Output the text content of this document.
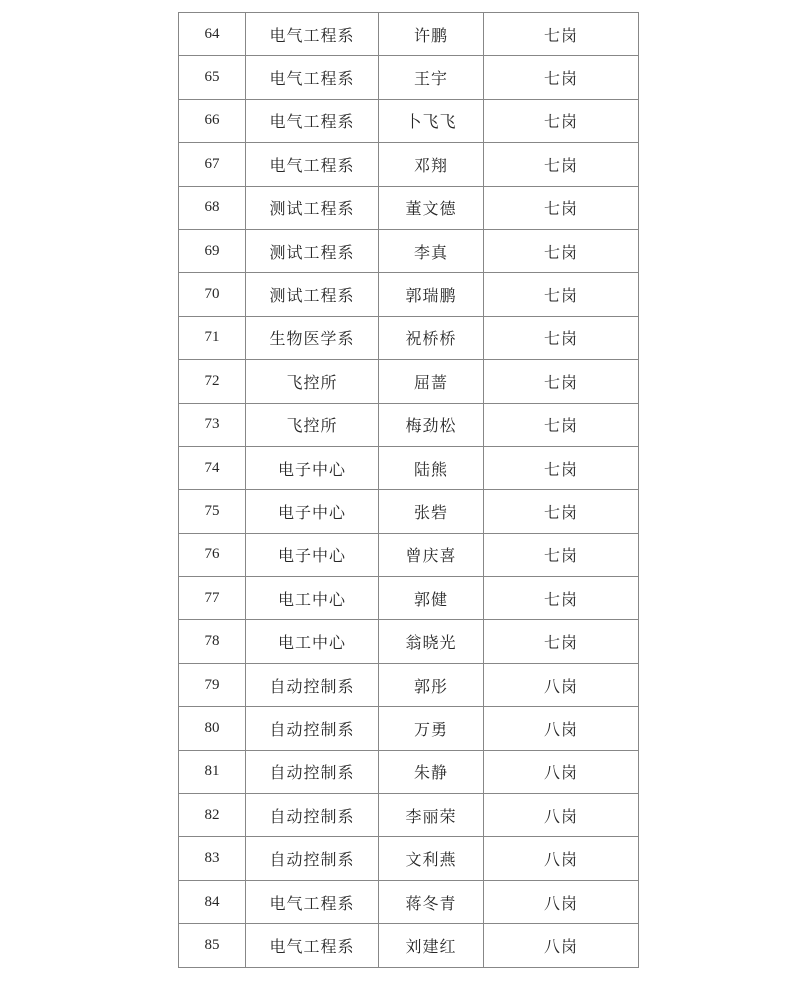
64	电气工程系	许鹏	七岗
65	电气工程系	王宇	七岗
66	电气工程系	卜飞飞	七岗
67	电气工程系	邓翔	七岗
68	测试工程系	董文德	七岗
69	测试工程系	李真	七岗
70	测试工程系	郭瑞鹏	七岗
71	生物医学系	祝桥桥	七岗
72	飞控所	屈蔷	七岗
73	飞控所	梅劲松	七岗
74	电子中心	陆熊	七岗
75	电子中心	张砦	七岗
76	电子中心	曾庆喜	七岗
77	电工中心	郭健	七岗
78	电工中心	翁晓光	七岗
79	自动控制系	郭彤	八岗
80	自动控制系	万勇	八岗
81	自动控制系	朱静	八岗
82	自动控制系	李丽荣	八岗
83	自动控制系	文利燕	八岗
84	电气工程系	蒋冬青	八岗
85	电气工程系	刘建红	八岗
